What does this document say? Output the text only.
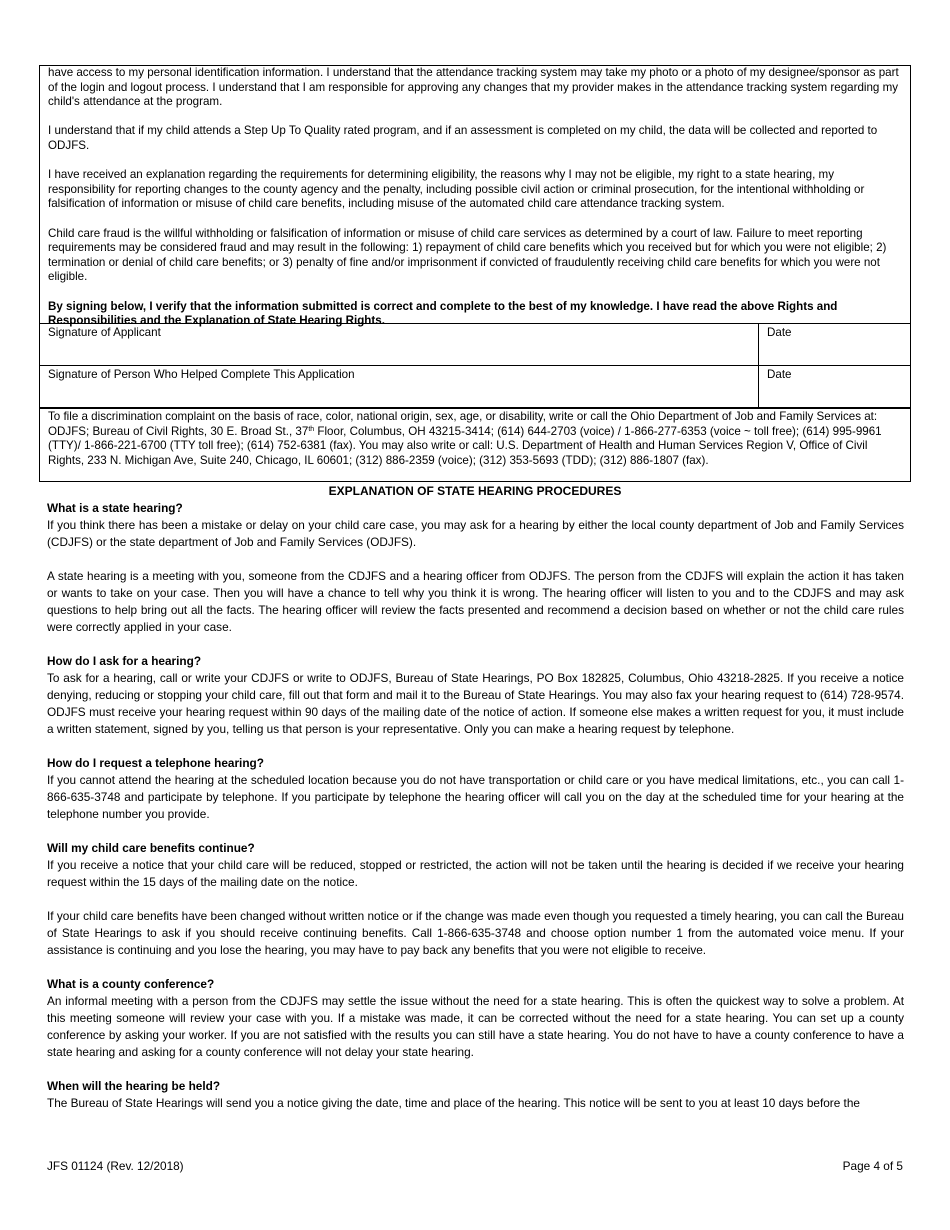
have access to my personal identification information. I understand that the attendance tracking system may take my photo or a photo of my designee/sponsor as part of the login and logout process. I understand that I am responsible for approving any changes that my provider makes in the attendance tracking system regarding my child's attendance at the program.

I understand that if my child attends a Step Up To Quality rated program, and if an assessment is completed on my child, the data will be collected and reported to ODJFS.

I have received an explanation regarding the requirements for determining eligibility, the reasons why I may not be eligible, my right to a state hearing, my responsibility for reporting changes to the county agency and the penalty, including possible civil action or criminal prosecution, for the intentional withholding or falsification of information or misuse of child care benefits, including misuse of the automated child care attendance tracking system.

Child care fraud is the willful withholding or falsification of information or misuse of child care services as determined by a court of law. Failure to meet reporting requirements may be considered fraud and may result in the following: 1) repayment of child care benefits which you received but for which you were not eligible; 2) termination or denial of child care benefits; or 3) penalty of fine and/or imprisonment if convicted of fraudulently receiving child care benefits for which you were not eligible.

By signing below, I verify that the information submitted is correct and complete to the best of my knowledge. I have read the above Rights and Responsibilities and the Explanation of State Hearing Rights.

Signature of Applicant	Date
Signature of Person Who Helped Complete This Application	Date
To file a discrimination complaint on the basis of race, color, national origin, sex, age, or disability, write or call the Ohio Department of Job and Family Services at: ODJFS; Bureau of Civil Rights, 30 E. Broad St., 37th Floor, Columbus, OH 43215-3414; (614) 644-2703 (voice) / 1-866-277-6353 (voice ~ toll free); (614) 995-9961 (TTY)/ 1-866-221-6700 (TTY toll free); (614) 752-6381 (fax). You may also write or call: U.S. Department of Health and Human Services Region V, Office of Civil Rights, 233 N. Michigan Ave, Suite 240, Chicago, IL 60601; (312) 886-2359 (voice); (312) 353-5693 (TDD); (312) 886-1807 (fax).
EXPLANATION OF STATE HEARING PROCEDURES
What is a state hearing?

If you think there has been a mistake or delay on your child care case, you may ask for a hearing by either the local county department of Job and Family Services (CDJFS) or the state department of Job and Family Services (ODJFS).

A state hearing is a meeting with you, someone from the CDJFS and a hearing officer from ODJFS. The person from the CDJFS will explain the action it has taken or wants to take on your case. Then you will have a chance to tell why you think it is wrong. The hearing officer will listen to you and to the CDJFS and may ask questions to help bring out all the facts. The hearing officer will review the facts presented and recommend a decision based on whether or not the child care rules were correctly applied in your case.

How do I ask for a hearing?

To ask for a hearing, call or write your CDJFS or write to ODJFS, Bureau of State Hearings, PO Box 182825, Columbus, Ohio 43218-2825. If you receive a notice denying, reducing or stopping your child care, fill out that form and mail it to the Bureau of State Hearings. You may also fax your hearing request to (614) 728-9574. ODJFS must receive your hearing request within 90 days of the mailing date of the notice of action. If someone else makes a written request for you, it must include a written statement, signed by you, telling us that person is your representative. Only you can make a hearing request by telephone.

How do I request a telephone hearing?

If you cannot attend the hearing at the scheduled location because you do not have transportation or child care or you have medical limitations, etc., you can call 1-866-635-3748 and participate by telephone. If you participate by telephone the hearing officer will call you on the day at the scheduled time for your hearing at the telephone number you provide.

Will my child care benefits continue?

If you receive a notice that your child care will be reduced, stopped or restricted, the action will not be taken until the hearing is decided if we receive your hearing request within the 15 days of the mailing date on the notice.

If your child care benefits have been changed without written notice or if the change was made even though you requested a timely hearing, you can call the Bureau of State Hearings to ask if you should receive continuing benefits. Call 1-866-635-3748 and choose option number 1 from the automated voice menu. If your assistance is continuing and you lose the hearing, you may have to pay back any benefits that you were not eligible to receive.

What is a county conference?

An informal meeting with a person from the CDJFS may settle the issue without the need for a state hearing. This is often the quickest way to solve a problem. At this meeting someone will review your case with you. If a mistake was made, it can be corrected without the need for a state hearing. You can set up a county conference by asking your worker. If you are not satisfied with the results you can still have a state hearing. You do not have to have a county conference to have a state hearing and asking for a county conference will not delay your state hearing.

When will the hearing be held?

The Bureau of State Hearings will send you a notice giving the date, time and place of the hearing. This notice will be sent to you at least 10 days before the

JFS 01124 (Rev. 12/2018)	Page 4 of 5
